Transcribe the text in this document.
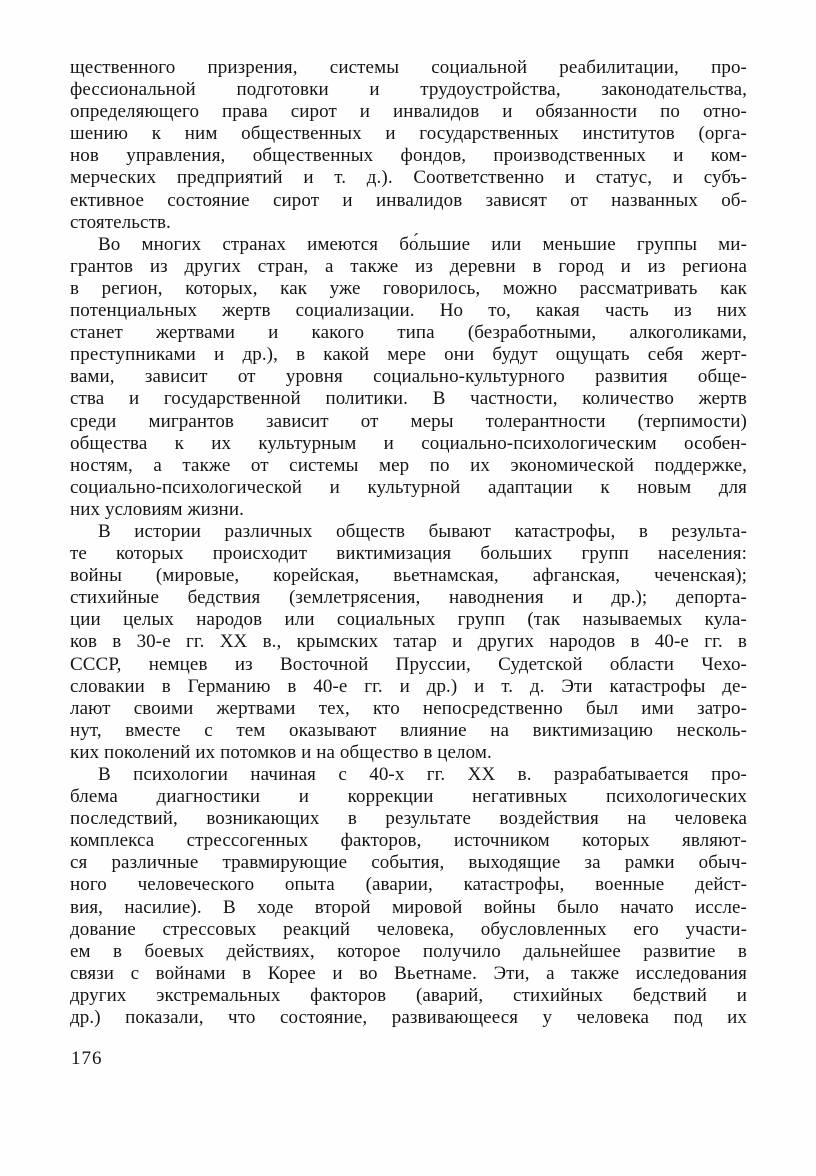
щественного призрения, системы социальной реабилитации, про-
фессиональной подготовки и трудоустройства, законодательства,
определяющего права сирот и инвалидов и обязанности по отно-
шению к ним общественных и государственных институтов (орга-
нов управления, общественных фондов, производственных и ком-
мерческих предприятий и т. д.). Соответственно и статус, и субъ-
ективное состояние сирот и инвалидов зависят от названных об-
стоятельств.
Во многих странах имеются бо́льшие или меньшие группы ми-
грантов из других стран, а также из деревни в город и из региона
в регион, которых, как уже говорилось, можно рассматривать как
потенциальных жертв социализации. Но то, какая часть из них
станет жертвами и какого типа (безработными, алкоголиками,
преступниками и др.), в какой мере они будут ощущать себя жерт-
вами, зависит от уровня социально-культурного развития обще-
ства и государственной политики. В частности, количество жертв
среди мигрантов зависит от меры толерантности (терпимости)
общества к их культурным и социально-психологическим особен-
ностям, а также от системы мер по их экономической поддержке,
социально-психологической и культурной адаптации к новым для
них условиям жизни.
В истории различных обществ бывают катастрофы, в результа-
те которых происходит виктимизация больших групп населения:
войны (мировые, корейская, вьетнамская, афганская, чеченская);
стихийные бедствия (землетрясения, наводнения и др.); депорта-
ции целых народов или социальных групп (так называемых кула-
ков в 30-е гг. XX в., крымских татар и других народов в 40-е гг. в
СССР, немцев из Восточной Пруссии, Судетской области Чехо-
словакии в Германию в 40-е гг. и др.) и т. д. Эти катастрофы де-
лают своими жертвами тех, кто непосредственно был ими затро-
нут, вместе с тем оказывают влияние на виктимизацию несколь-
ких поколений их потомков и на общество в целом.
В психологии начиная с 40-х гг. XX в. разрабатывается про-
блема диагностики и коррекции негативных психологических
последствий, возникающих в результате воздействия на человека
комплекса стрессогенных факторов, источником которых являют-
ся различные травмирующие события, выходящие за рамки обыч-
ного человеческого опыта (аварии, катастрофы, военные дейст-
вия, насилие). В ходе второй мировой войны было начато иссле-
дование стрессовых реакций человека, обусловленных его участи-
ем в боевых действиях, которое получило дальнейшее развитие в
связи с войнами в Корее и во Вьетнаме. Эти, а также исследования
других экстремальных факторов (аварий, стихийных бедствий и
др.) показали, что состояние, развивающееся у человека под их
176
